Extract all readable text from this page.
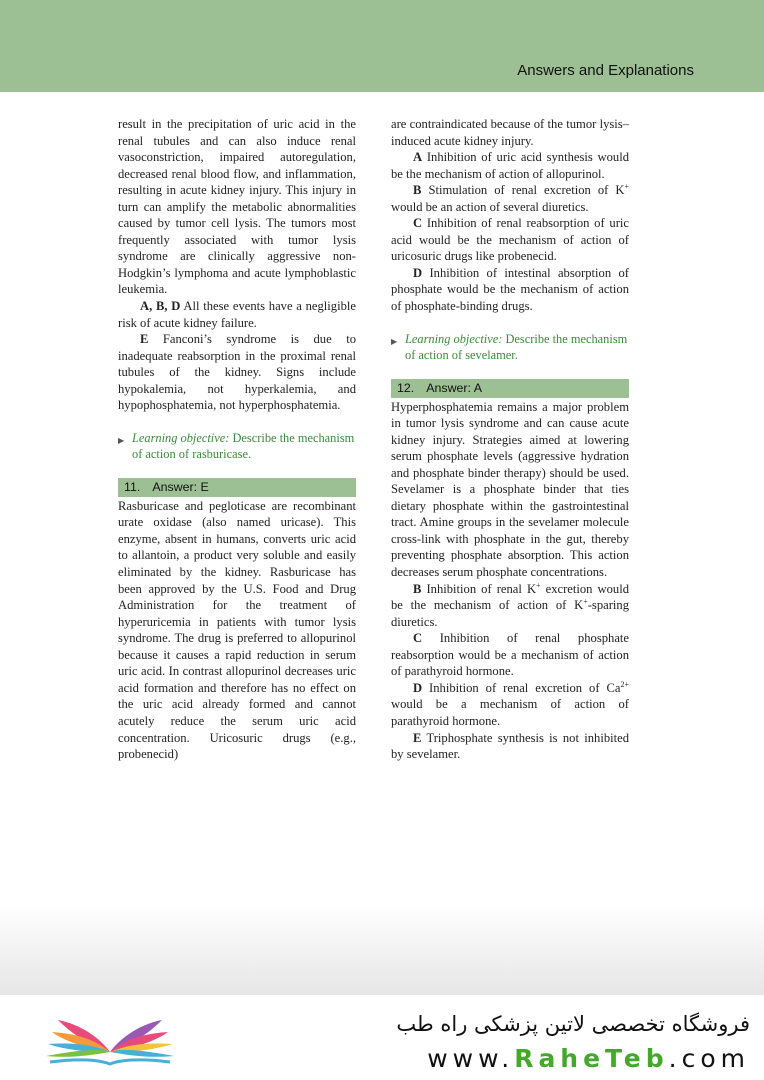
Answers and Explanations

result in the precipitation of uric acid in the renal tubules and can also induce renal vasoconstriction, impaired autoregulation, decreased renal blood flow, and inflammation, resulting in acute kidney injury. This injury in turn can amplify the metabolic abnormalities caused by tumor cell lysis. The tumors most frequently associated with tumor lysis syndrome are clinically aggressive non-Hodgkin’s lymphoma and acute lymphoblastic leukemia.

A, B, D All these events have a negligible risk of acute kidney failure.

E Fanconi’s syndrome is due to inadequate reabsorption in the proximal renal tubules of the kidney. Signs include hypokalemia, not hyperkalemia, and hypophosphatemia, not hyperphosphatemia.

▶ Learning objective: Describe the mechanism of action of rasburicase.
11. Answer: E

Rasburicase and pegloticase are recombinant urate oxidase (also named uricase). This enzyme, absent in humans, converts uric acid to allantoin, a product very soluble and easily eliminated by the kidney. Rasburicase has been approved by the U.S. Food and Drug Administration for the treatment of hyperuricemia in patients with tumor lysis syndrome. The drug is preferred to allopurinol because it causes a rapid reduction in serum uric acid. In contrast allopurinol decreases uric acid formation and therefore has no effect on the uric acid already formed and cannot acutely reduce the serum uric acid concentration. Uricosuric drugs (e.g., probenecid)

are contraindicated because of the tumor lysis–induced acute kidney injury.

A Inhibition of uric acid synthesis would be the mechanism of action of allopurinol.

B Stimulation of renal excretion of K+ would be an action of several diuretics.

C Inhibition of renal reabsorption of uric acid would be the mechanism of action of uricosuric drugs like probenecid.

D Inhibition of intestinal absorption of phosphate would be the mechanism of action of phosphate-binding drugs.

▶ Learning objective: Describe the mechanism of action of sevelamer.
12. Answer: A

Hyperphosphatemia remains a major problem in tumor lysis syndrome and can cause acute kidney injury. Strategies aimed at lowering serum phosphate levels (aggressive hydration and phosphate binder therapy) should be used. Sevelamer is a phosphate binder that ties dietary phosphate within the gastrointestinal tract. Amine groups in the sevelamer molecule cross-link with phosphate in the gut, thereby preventing phosphate absorption. This action decreases serum phosphate concentrations.

B Inhibition of renal K+ excretion would be the mechanism of action of K+-sparing diuretics.

C Inhibition of renal phosphate reabsorption would be a mechanism of action of parathyroid hormone.

D Inhibition of renal excretion of $Ca^{2+}$ would be a mechanism of action of parathyroid hormone.

E Triphosphate synthesis is not inhibited by sevelamer.

فروشگاه تخصصی لاتین پزشکی راه طب
www.RaheTeb.com
